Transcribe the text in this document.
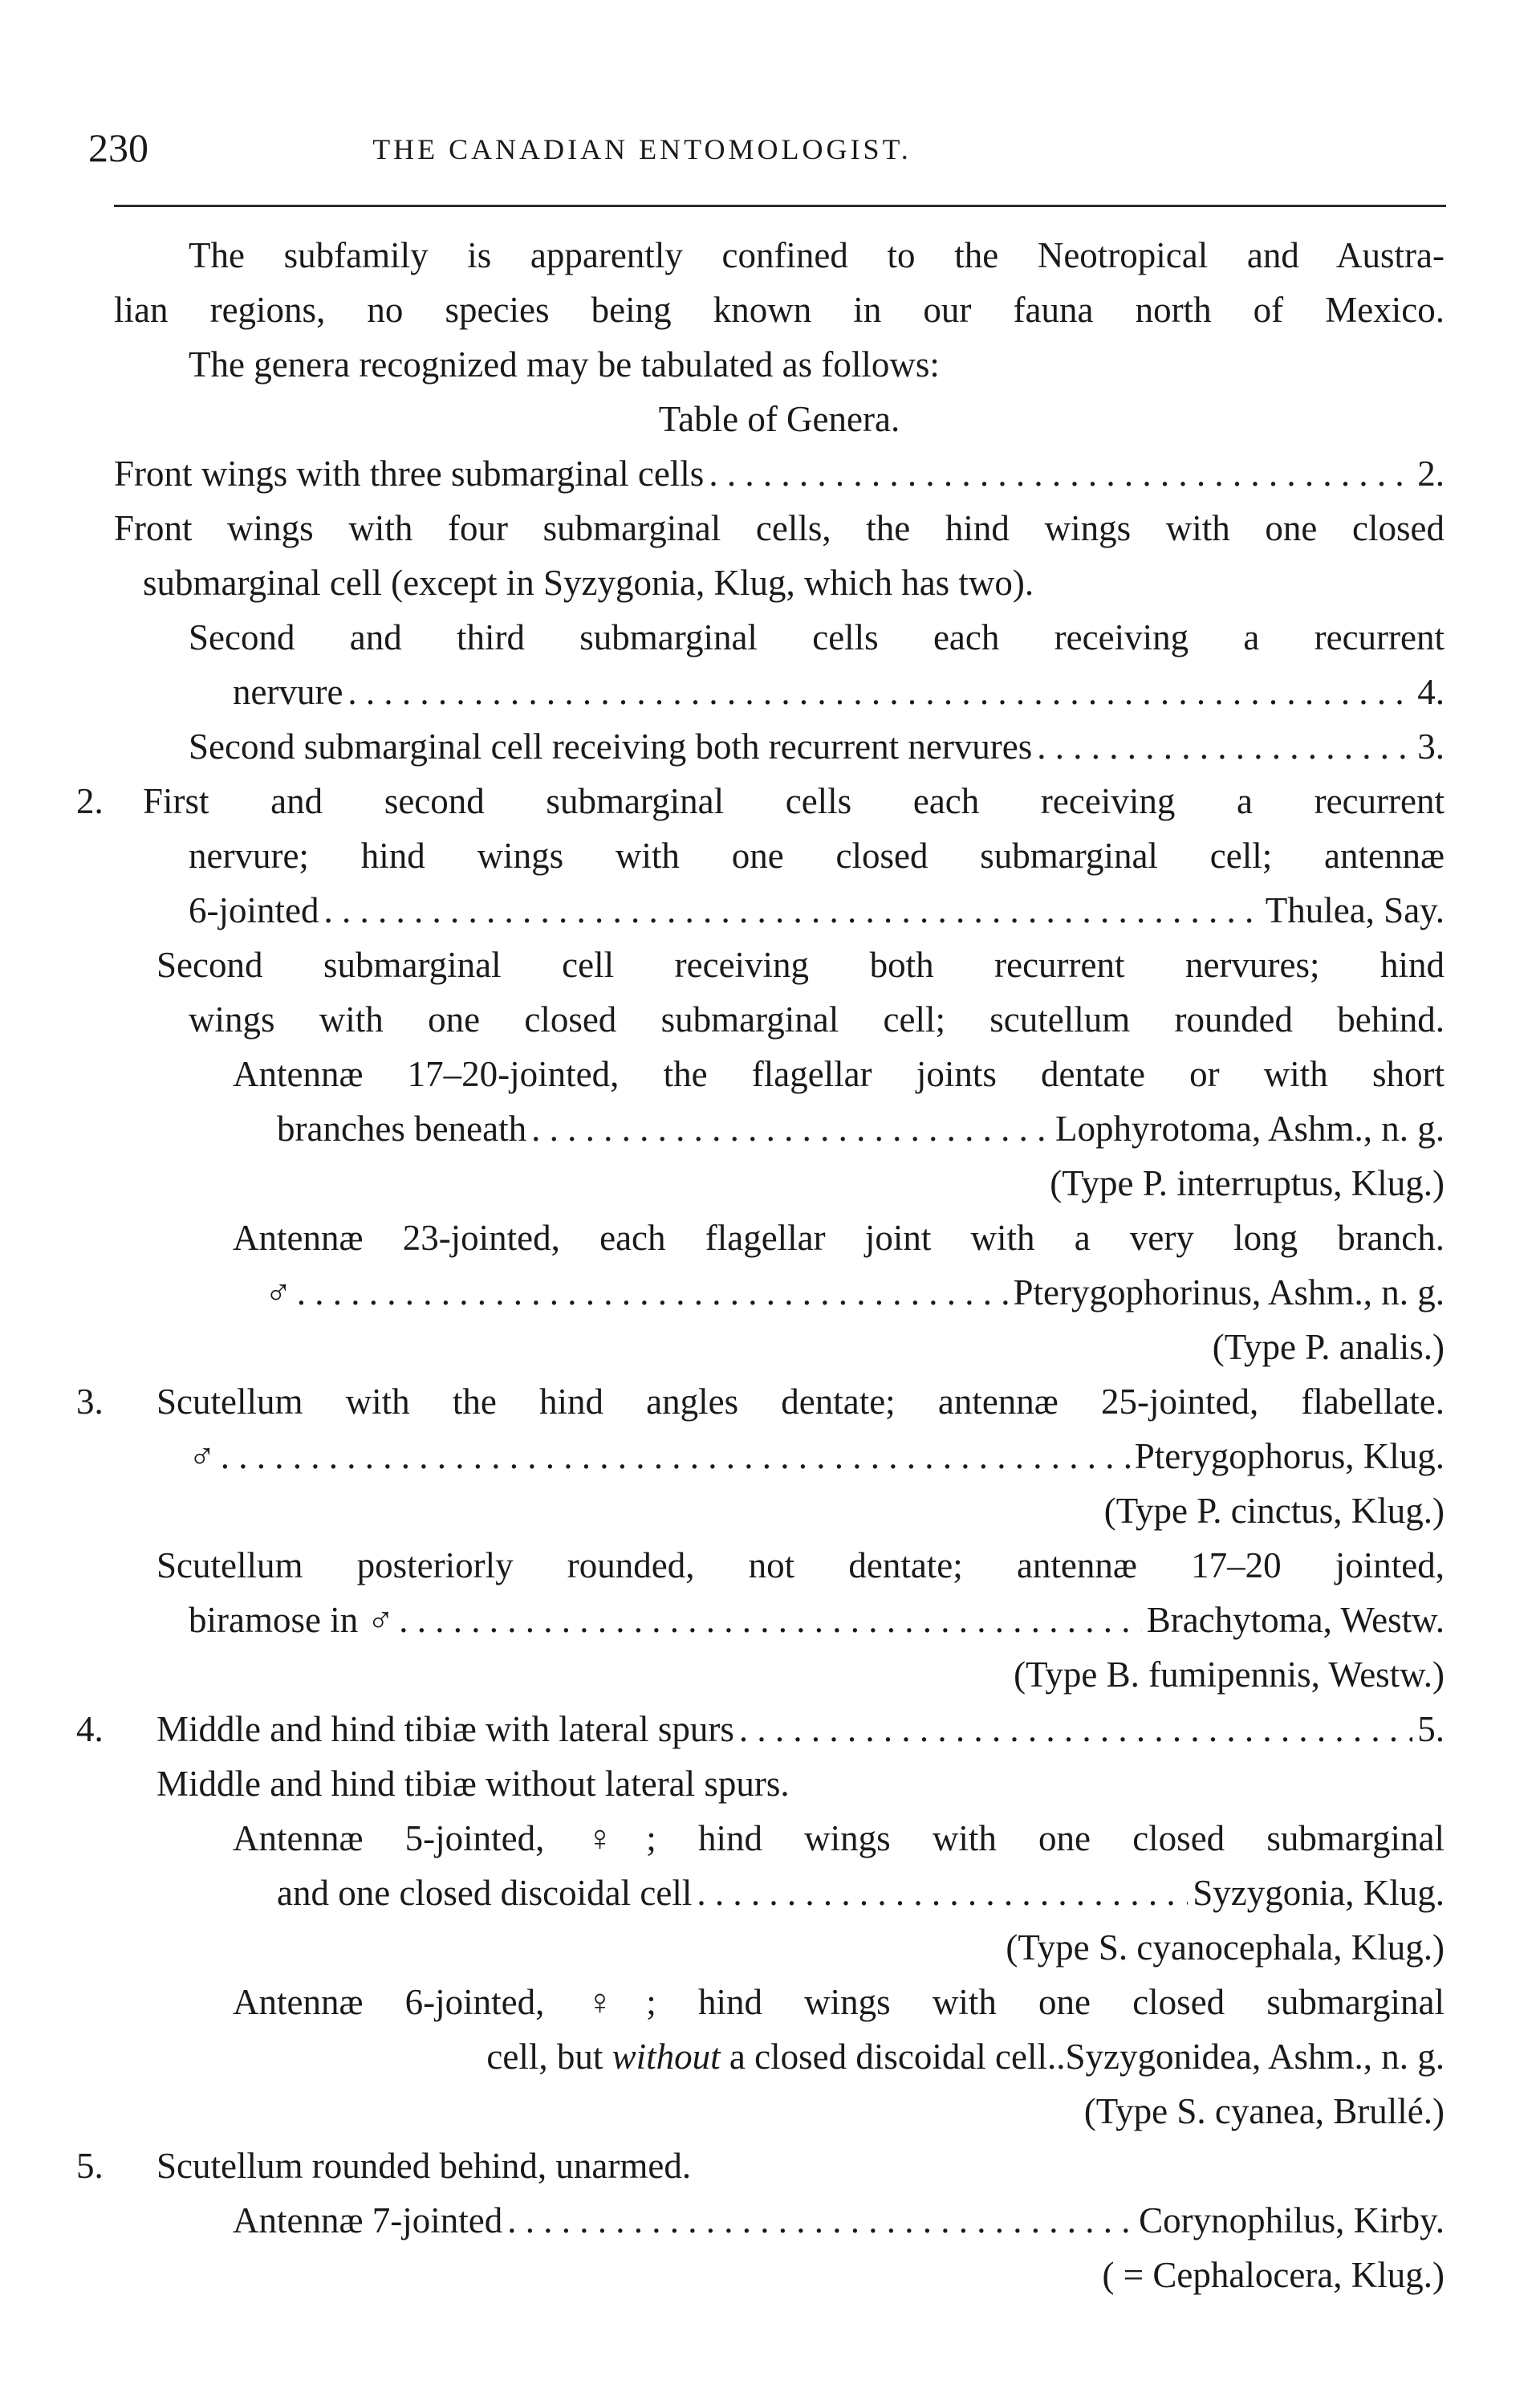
230	THE CANADIAN ENTOMOLOGIST.
The subfamily is apparently confined to the Neotropical and Austra-
lian regions, no species being known in our fauna north of Mexico.
The genera recognized may be tabulated as follows:
Table of Genera.
Front wings with three submarginal cells . . .	2.
Front wings with four submarginal cells, the hind wings with one closed
submarginal cell (except in Syzygonia, Klug, which has two).
Second and third submarginal cells each receiving a recurrent
nervure . . .	4.
Second submarginal cell receiving both recurrent nervures . . .	3.
2. First and second submarginal cells each receiving a recurrent
nervure; hind wings with one closed submarginal cell; antennæ
6-jointed . . .	Thulea, Say.
Second submarginal cell receiving both recurrent nervures; hind
wings with one closed submarginal cell; scutellum rounded behind.
Antennæ 17–20-jointed, the flagellar joints dentate or with short
branches beneath . . .	Lophyrotoma, Ashm., n. g.
(Type P. interruptus, Klug.)
Antennæ 23-jointed, each flagellar joint with a very long branch.
♂ . . .	Pterygophorinus, Ashm., n. g.
(Type P. analis.)
3. Scutellum with the hind angles dentate; antennæ 25-jointed, flabellate.
♂ . . .	Pterygophorus, Klug.
(Type P. cinctus, Klug.)
Scutellum posteriorly rounded, not dentate; antennæ 17–20 jointed,
biramose in ♂ . . .	Brachytoma, Westw.
(Type B. fumipennis, Westw.)
4. Middle and hind tibiæ with lateral spurs . . .	5.
Middle and hind tibiæ without lateral spurs.
Antennæ 5-jointed, ♀; hind wings with one closed submarginal
and one closed discoidal cell . . .	Syzygonia, Klug.
(Type S. cyanocephala, Klug.)
Antennæ 6-jointed, ♀; hind wings with one closed submarginal
cell, but without a closed discoidal cell..Syzygonidea, Ashm., n. g.
(Type S. cyanea, Brullé.)
5. Scutellum rounded behind, unarmed.
Antennæ 7-jointed . . .	Corynophilus, Kirby.
( = Cephalocera, Klug.)
